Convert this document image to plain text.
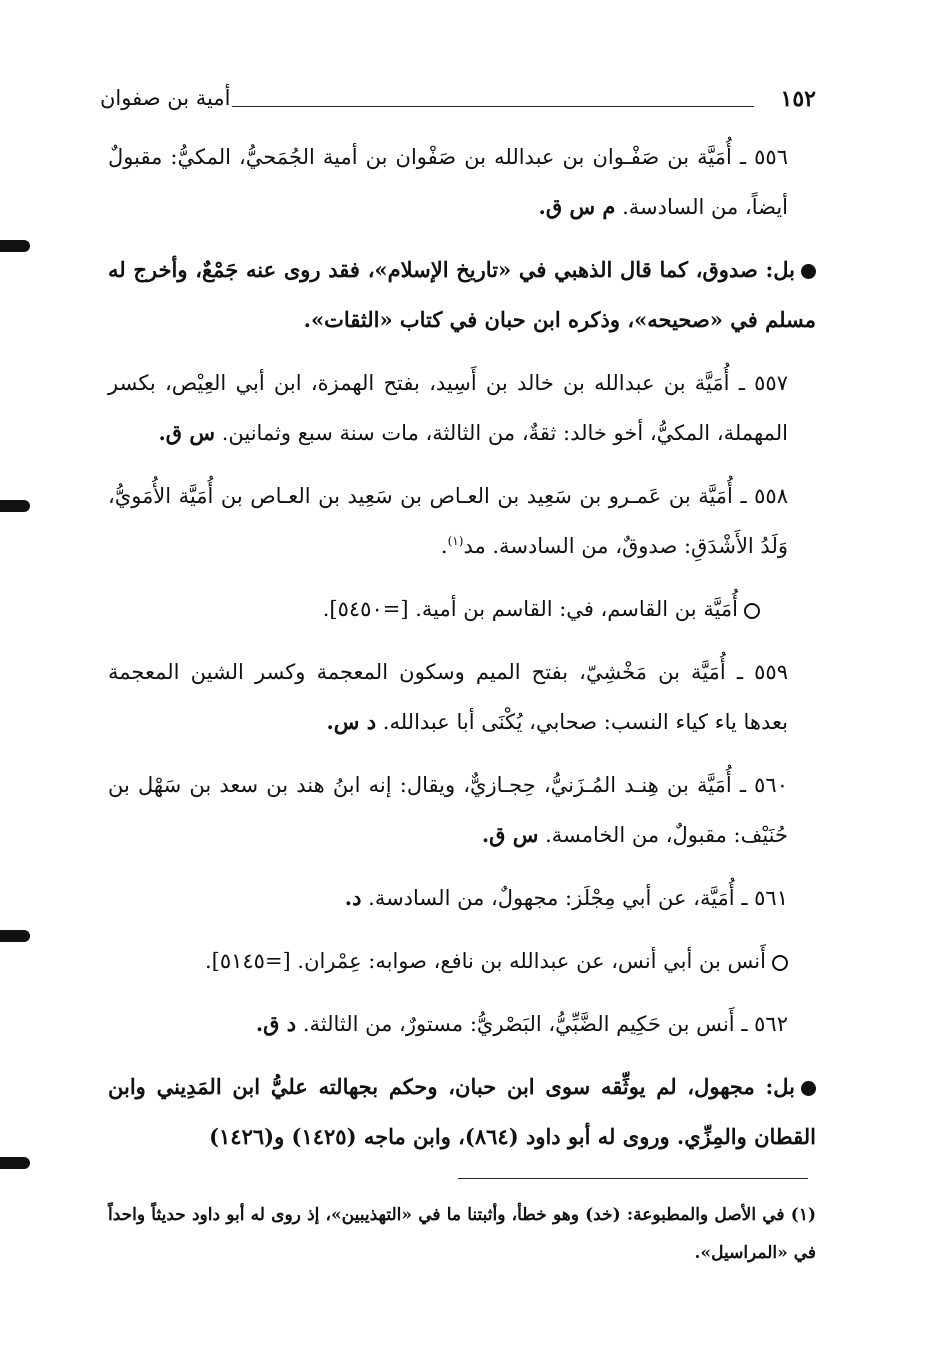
١٥٢
أمية بن صفوان

٥٥٦ ـ أُمَيَّة بن صَفْـوان بن عبدالله بن صَفْوان بن أمية الجُمَحيُّ، المكيُّ: مقبولٌ أيضاً، من السادسة. م س ق.

بل: صدوق، كما قال الذهبي في «تاريخ الإسلام»، فقد روى عنه جَمْعٌ، وأخرج له مسلم في «صحيحه»، وذكره ابن حبان في كتاب «الثقات».

٥٥٧ ـ أُمَيَّة بن عبدالله بن خالد بن أَسِيد، بفتح الهمزة، ابن أبي العِيْص، بكسر المهملة، المكيُّ، أخو خالد: ثقةٌ، من الثالثة، مات سنة سبع وثمانين. س ق.

٥٥٨ ـ أُمَيَّة بن عَمـرو بن سَعِيد بن العـاص بن سَعِيد بن العـاص بن أُمَيَّة الأُمَويُّ، وَلَدُ الأَشْدَقِ: صدوقٌ، من السادسة. مد$^{(١)}$.

أُمَيَّة بن القاسم، في: القاسم بن أمية. [=٥٤٥٠].

٥٥٩ ـ أُمَيَّة بن مَخْشِيّ، بفتح الميم وسكون المعجمة وكسر الشين المعجمة بعدها ياء كياء النسب: صحابي، يُكْنَى أبا عبدالله. د س.

٥٦٠ ـ أُمَيَّة بن هِنـد المُـزَنيُّ، حِجـازيٌّ، ويقال: إنه ابنُ هند بن سعد بن سَهْل بن حُنَيْف: مقبولٌ، من الخامسة. س ق.

٥٦١ ـ أُمَيَّة، عن أبي مِجْلَز: مجهولٌ، من السادسة. د.

أَنس بن أبي أنس، عن عبدالله بن نافع، صوابه: عِمْران. [=٥١٤٥].

٥٦٢ ـ أَنس بن حَكِيم الضَّبِّيُّ، البَصْريُّ: مستورٌ، من الثالثة. د ق.

بل: مجهول، لم يوثِّقه سوى ابن حبان، وحكم بجهالته عليُّ ابن المَدِيني وابن القطان والمِزِّي. وروى له أبو داود (٨٦٤)، وابن ماجه (١٤٢٥) و(١٤٢٦)

(١) في الأصل والمطبوعة: (خد) وهو خطأ، وأثبتنا ما في «التهذيبين»، إذ روى له أبو داود حديثاً واحداً في «المراسيل».
